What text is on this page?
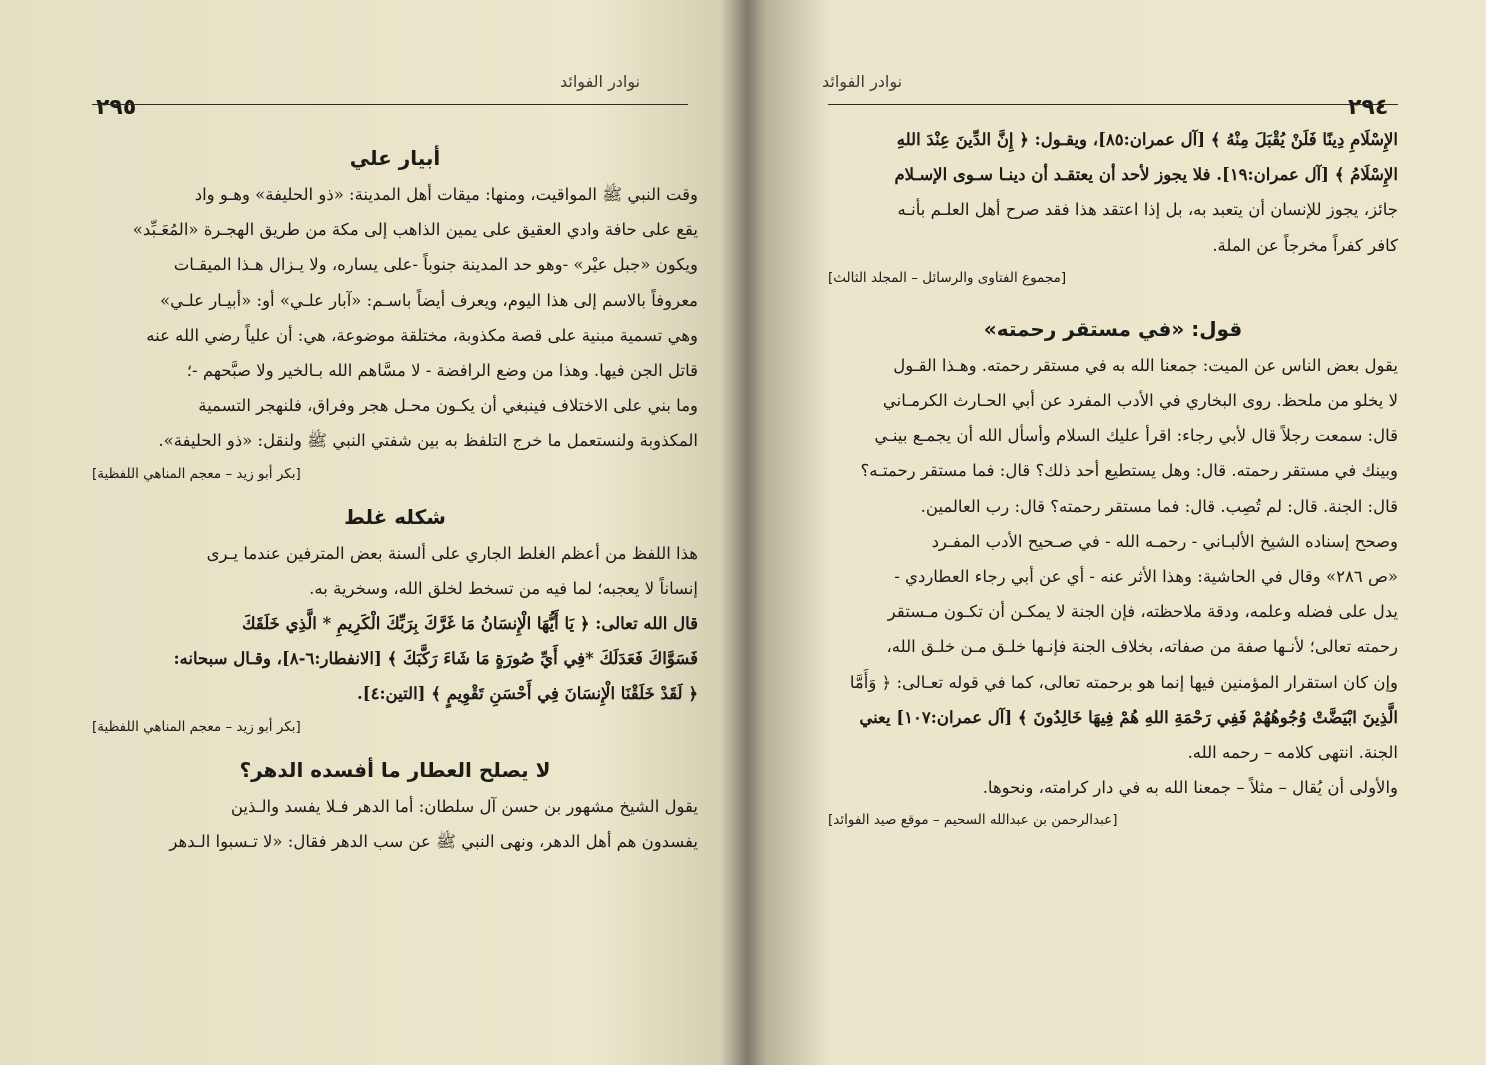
نوادر الفوائد
٢٩٥
أبيار علي
وقت النبي ﷺ المواقيت، ومنها: ميقات أهل المدينة: «ذو الحليفة» وهـو واد
يقع على حافة وادي العقيق على يمين الذاهب إلى مكة من طريق الهجـرة «المُعَـبِّد»
ويكون «جبل عيْر» -وهو حد المدينة جنوباً -على يساره، ولا يـزال هـذا الميقـات
معروفاً بالاسم إلى هذا اليوم، ويعرف أيضاً باسـم: «آبار علـي» أو: «أبيـار علـي»
وهي تسمية مبنية على قصة مكذوبة، مختلقة موضوعة، هي: أن علياً رضي الله عنه
قاتل الجن فيها. وهذا من وضع الرافضة - لا مسَّاهم الله بـالخير ولا صبَّحهم -؛
وما بني على الاختلاف فينبغي أن يكـون محـل هجر وفراق، فلنهجر التسمية
المكذوبة ولنستعمل ما خرج التلفظ به بين شفتي النبي ﷺ ولنقل: «ذو الحليفة».
[بكر أبو زيد – معجم المناهي اللفظية]
شكله غلط
هذا اللفظ من أعظم الغلط الجاري على ألسنة بعض المترفين عندما يـرى
إنساناً لا يعجبه؛ لما فيه من تسخط لخلق الله، وسخرية به.
قال الله تعالى: ﴿ يَا أَيُّهَا الْإِنسَانُ مَا غَرَّكَ بِرَبِّكَ الْكَرِيمِ * الَّذِي خَلَقَكَ
فَسَوَّاكَ فَعَدَلَكَ *فِي أَيِّ صُورَةٍ مَا شَاءَ رَكَّبَكَ ﴾ [الانفطار:٦-٨]، وقـال سبحانه:
﴿ لَقَدْ خَلَقْنَا الْإِنسَانَ فِي أَحْسَنِ تَقْوِيمٍ ﴾ [التين:٤].
[بكر أبو زيد – معجم المناهي اللفظية]
لا يصلح العطار ما أفسده الدهر؟
يقول الشيخ مشهور بن حسن آل سلطان: أما الدهر فـلا يفسد والـذين
يفسدون هم أهل الدهر، ونهى النبي ﷺ عن سب الدهر فقال: «لا تـسبوا الـدهر
نوادر الفوائد
٢٩٤
الإِسْلَامِ دِينًا فَلَنْ يُقْبَلَ مِنْهُ ﴾ [آل عمران:٨٥]، ويقـول: ﴿ إِنَّ الدِّينَ عِنْدَ اللهِ
الإِسْلَامُ ﴾ [آل عمران:١٩]. فلا يجوز لأحد أن يعتقـد أن دينـا سـوى الإسـلام
جائز، يجوز للإنسان أن يتعبد به، بل إذا اعتقد هذا فقد صرح أهل العلـم بأنـه
كافر كفراً مخرجاً عن الملة.
[مجموع الفتاوى والرسائل – المجلد الثالث]
قول: «في مستقر رحمته»
يقول بعض الناس عن الميت: جمعنا الله به في مستقر رحمته. وهـذا القـول
لا يخلو من ملحظ. روى البخاري في الأدب المفرد عن أبي الحـارث الكرمـاني
قال: سمعت رجلاً قال لأبي رجاء: اقرأ عليك السلام وأسأل الله أن يجمـع بينـي
وبينك في مستقر رحمته. قال: وهل يستطيع أحد ذلك؟ قال: فما مستقر رحمتـه؟
قال: الجنة. قال: لم تُصِب. قال: فما مستقر رحمته؟ قال: رب العالمين.
وصحح إسناده الشيخ الألبـاني - رحمـه الله - في صـحيح الأدب المفـرد
«ص ٢٨٦» وقال في الحاشية: وهذا الأثر عنه - أي عن أبي رجاء العطاردي -
يدل على فضله وعلمه، ودقة ملاحظته، فإن الجنة لا يمكـن أن تكـون مـستقر
رحمته تعالى؛ لأنـها صفة من صفاته، بخلاف الجنة فإنـها خلـق مـن خلـق الله،
وإن كان استقرار المؤمنين فيها إنما هو برحمته تعالى، كما في قوله تعـالى: ﴿ وَأَمَّا
الَّذِينَ ابْيَضَّتْ وُجُوهُهُمْ فَفِي رَحْمَةِ اللهِ هُمْ فِيهَا خَالِدُونَ ﴾ [آل عمران:١٠٧] يعني
الجنة. انتهى كلامه – رحمه الله.
والأولى أن يُقال – مثلاً – جمعنا الله به في دار كرامته، ونحوها.
[عبدالرحمن بن عبدالله السحيم – موقع صيد الفوائد]
